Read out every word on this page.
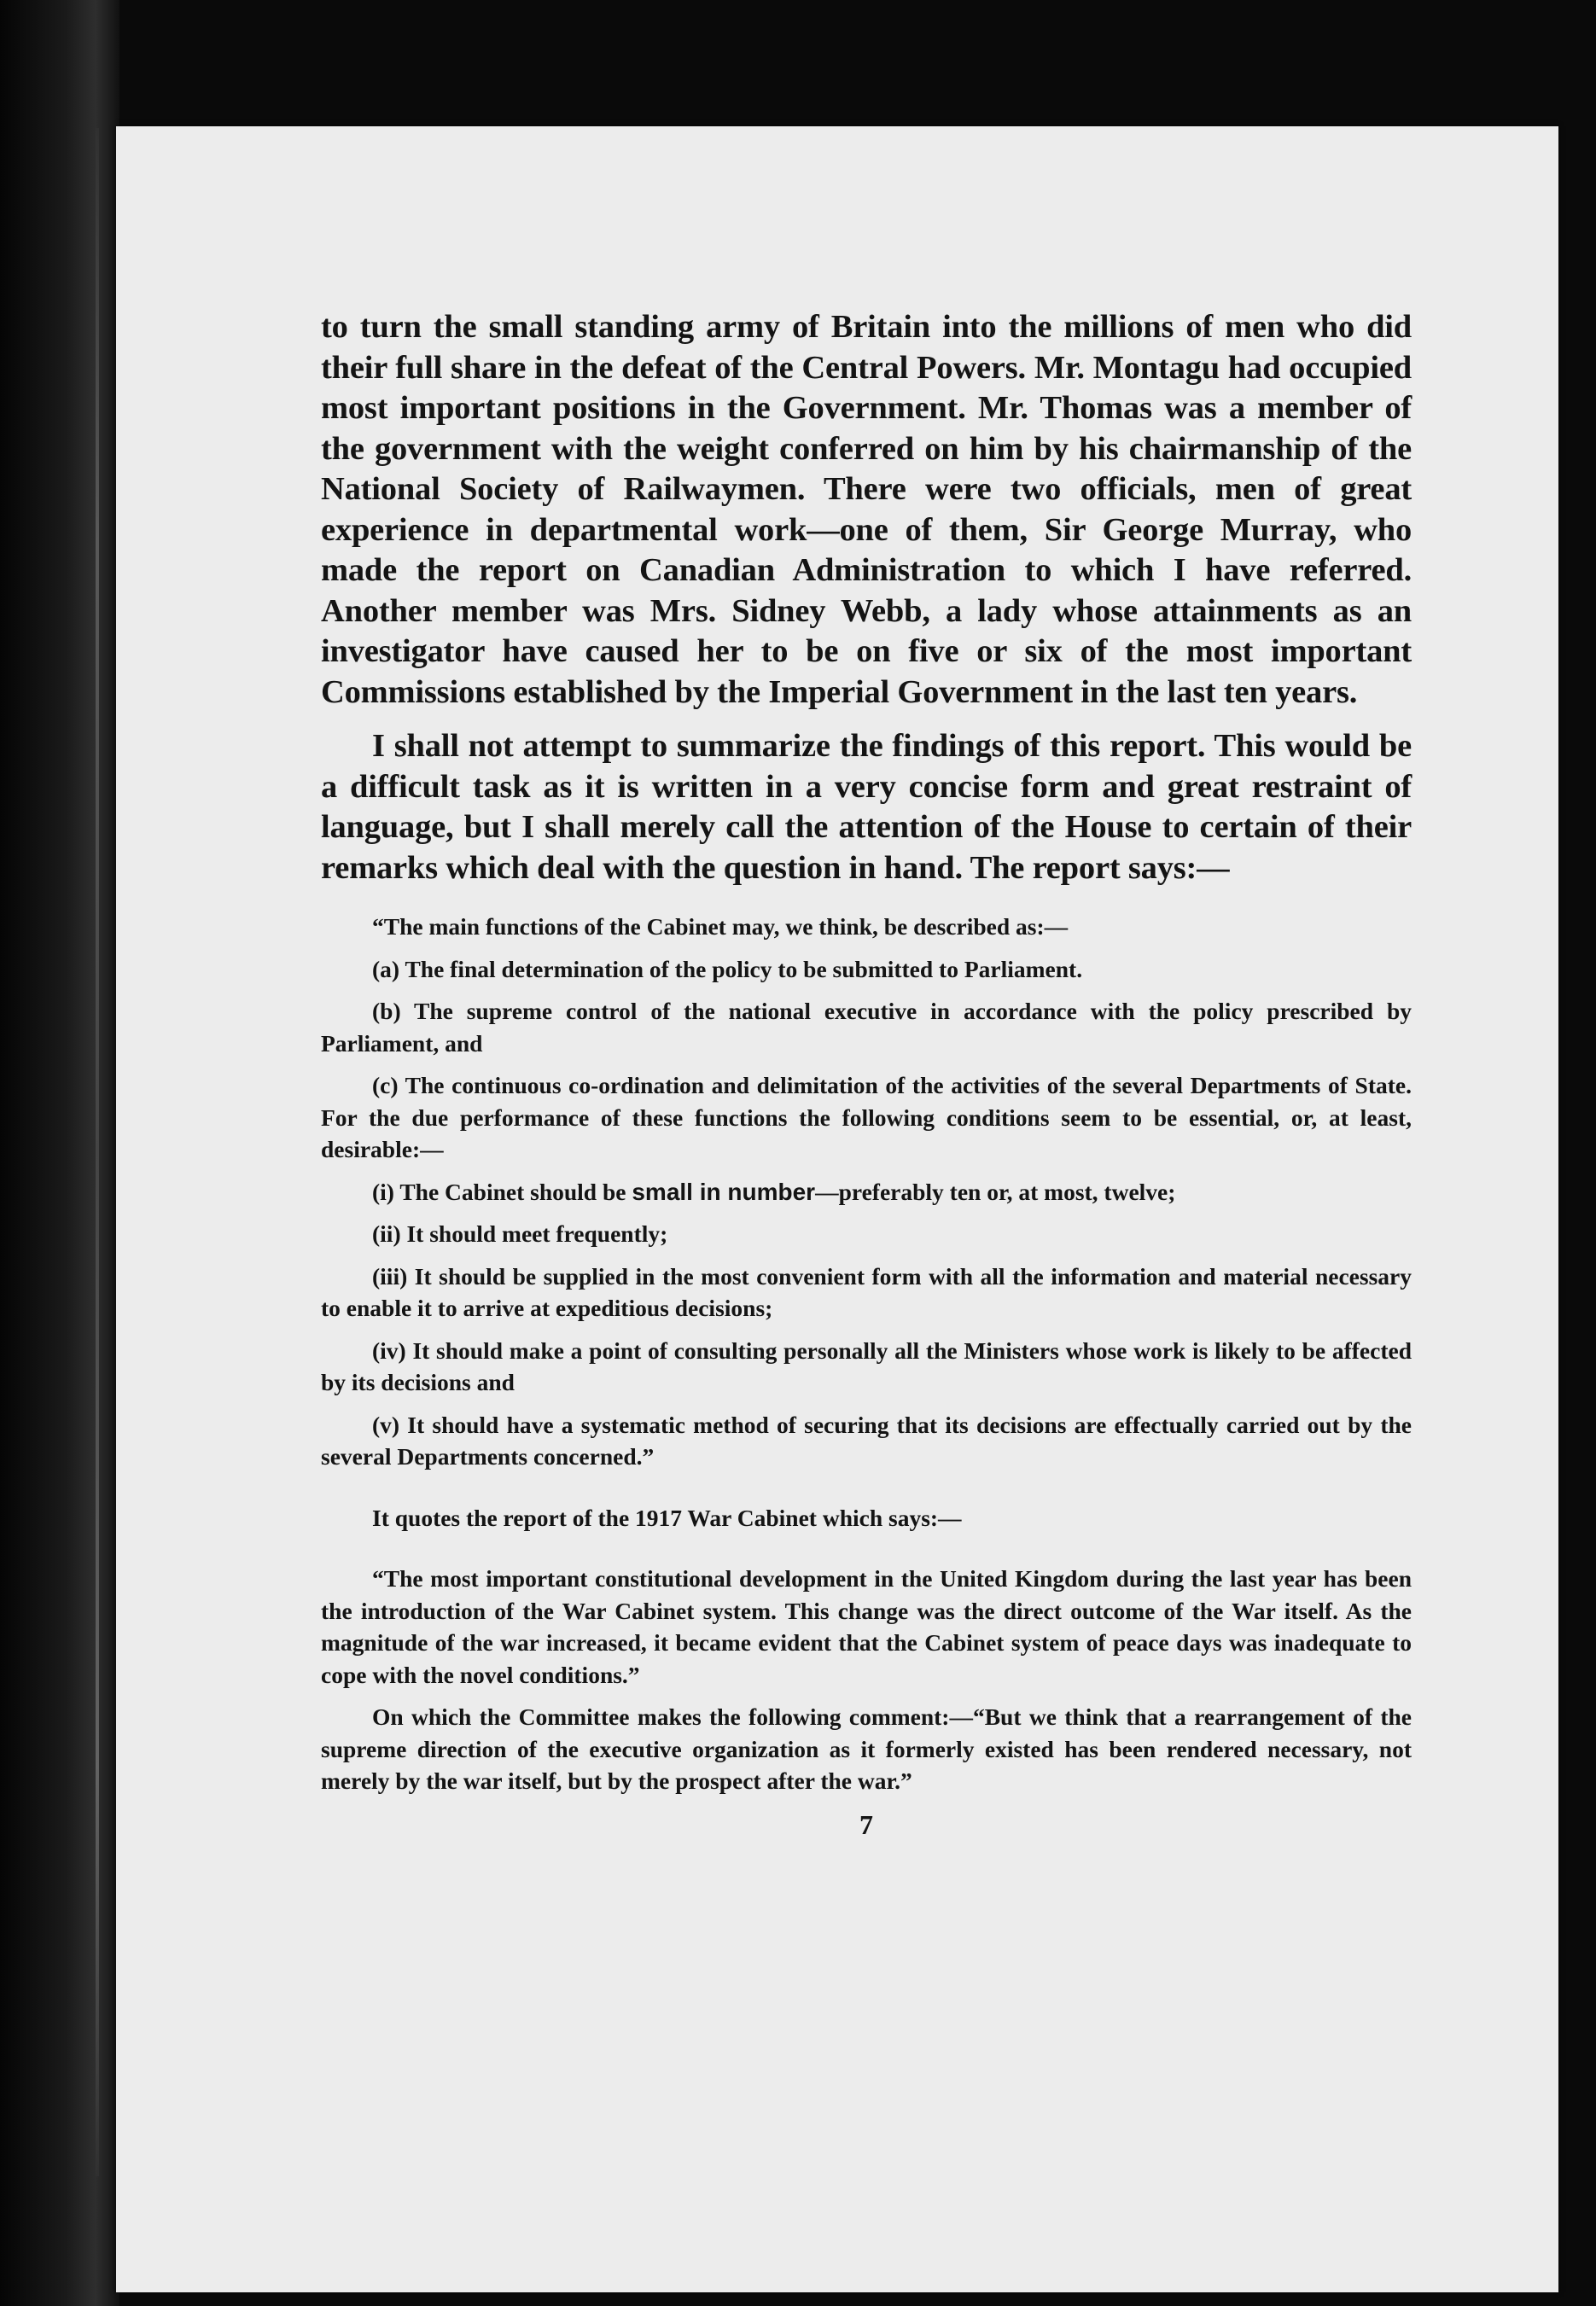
to turn the small standing army of Britain into the millions of men who did their full share in the defeat of the Central Powers. Mr. Montagu had occupied most important positions in the Government. Mr. Thomas was a member of the government with the weight conferred on him by his chairmanship of the National Society of Railwaymen. There were two officials, men of great experience in departmental work—one of them, Sir George Murray, who made the report on Canadian Administration to which I have referred. Another member was Mrs. Sidney Webb, a lady whose attainments as an investigator have caused her to be on five or six of the most important Commissions established by the Imperial Government in the last ten years.

I shall not attempt to summarize the findings of this report. This would be a difficult task as it is written in a very concise form and great restraint of language, but I shall merely call the attention of the House to certain of their remarks which deal with the question in hand. The report says:—

“The main functions of the Cabinet may, we think, be described as:—

(a) The final determination of the policy to be submitted to Parliament.

(b) The supreme control of the national executive in accordance with the policy prescribed by Parliament, and

(c) The continuous co-ordination and delimitation of the activities of the several Departments of State. For the due performance of these functions the following conditions seem to be essential, or, at least, desirable:—

(i) The Cabinet should be small in number—preferably ten or, at most, twelve;

(ii) It should meet frequently;

(iii) It should be supplied in the most convenient form with all the information and material necessary to enable it to arrive at expeditious decisions;

(iv) It should make a point of consulting personally all the Ministers whose work is likely to be affected by its decisions and

(v) It should have a systematic method of securing that its decisions are effectually carried out by the several Departments concerned.”

It quotes the report of the 1917 War Cabinet which says:—

“The most important constitutional development in the United Kingdom during the last year has been the introduction of the War Cabinet system. This change was the direct outcome of the War itself. As the magnitude of the war increased, it became evident that the Cabinet system of peace days was inadequate to cope with the novel conditions.”

On which the Committee makes the following comment:—“But we think that a rearrangement of the supreme direction of the executive organization as it formerly existed has been rendered necessary, not merely by the war itself, but by the prospect after the war.”

7
